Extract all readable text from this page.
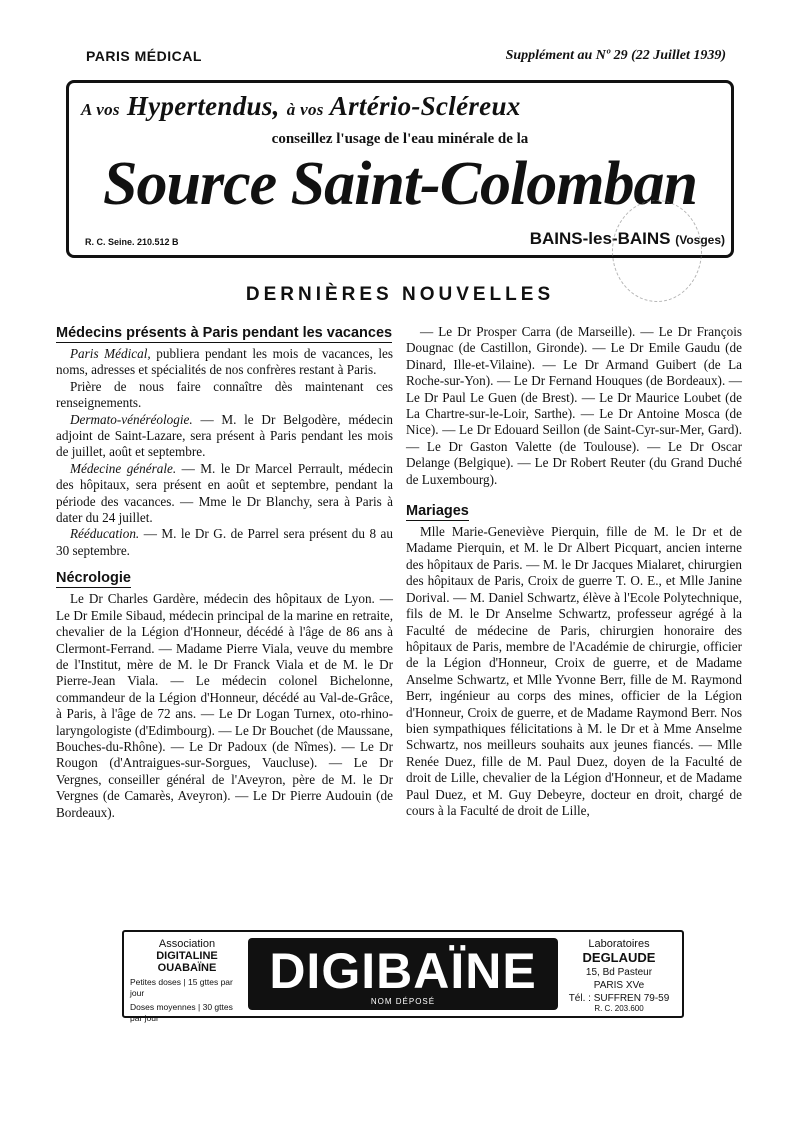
PARIS MÉDICAL	Supplément au Nº 29 (22 Juillet 1939)
A vos Hypertendus, à vos Artério-Scléreux
conseillez l'usage de l'eau minérale de la
Source Saint-Colomban
R. C. Seine. 210.512 B	BAINS-les-BAINS (Vosges)
DERNIÈRES NOUVELLES
Médecins présents à Paris pendant les vacances

Paris Médical, publiera pendant les mois de vacances, les noms, adresses et spécialités de nos confrères restant à Paris.

Prière de nous faire connaître dès maintenant ces renseignements.

Dermato-vénéréologie. — M. le Dr Belgodère, médecin adjoint de Saint-Lazare, sera présent à Paris pendant les mois de juillet, août et septembre.

Médecine générale. — M. le Dr Marcel Perrault, médecin des hôpitaux, sera présent en août et septembre, pendant la période des vacances. — Mme le Dr Blanchy, sera à Paris à dater du 24 juillet.

Rééducation. — M. le Dr G. de Parrel sera présent du 8 au 30 septembre.

Nécrologie

Le Dr Charles Gardère, médecin des hôpitaux de Lyon. — Le Dr Emile Sibaud, médecin principal de la marine en retraite, chevalier de la Légion d'Honneur, décédé à l'âge de 86 ans à Clermont-Ferrand. — Madame Pierre Viala, veuve du membre de l'Institut, mère de M. le Dr Franck Viala et de M. le Dr Pierre-Jean Viala. — Le médecin colonel Bichelonne, commandeur de la Légion d'Honneur, décédé au Val-de-Grâce, à Paris, à l'âge de 72 ans. — Le Dr Logan Turnex, oto-rhino-laryngologiste (d'Edimbourg). — Le Dr Bouchet (de Maussane, Bouches-du-Rhône). — Le Dr Padoux (de Nîmes). — Le Dr Rougon (d'Antraigues-sur-Sorgues, Vaucluse). — Le Dr Vergnes, conseiller général de l'Aveyron, père de M. le Dr Vergnes (de Camarès, Aveyron). — Le Dr Pierre Audouin (de Bordeaux).

— Le Dr Prosper Carra (de Marseille). — Le Dr François Dougnac (de Castillon, Gironde). — Le Dr Emile Gaudu (de Dinard, Ille-et-Vilaine). — Le Dr Armand Guibert (de La Roche-sur-Yon). — Le Dr Fernand Houques (de Bordeaux). — Le Dr Paul Le Guen (de Brest). — Le Dr Maurice Loubet (de La Chartre-sur-le-Loir, Sarthe). — Le Dr Antoine Mosca (de Nice). — Le Dr Edouard Seillon (de Saint-Cyr-sur-Mer, Gard). — Le Dr Gaston Valette (de Toulouse). — Le Dr Oscar Delange (Belgique). — Le Dr Robert Reuter (du Grand Duché de Luxembourg).

Mariages

Mlle Marie-Geneviève Pierquin, fille de M. le Dr et de Madame Pierquin, et M. le Dr Albert Picquart, ancien interne des hôpitaux de Paris. — M. le Dr Jacques Mialaret, chirurgien des hôpitaux de Paris, Croix de guerre T. O. E., et Mlle Janine Dorival. — M. Daniel Schwartz, élève à l'Ecole Polytechnique, fils de M. le Dr Anselme Schwartz, professeur agrégé à la Faculté de médecine de Paris, chirurgien honoraire des hôpitaux de Paris, membre de l'Académie de chirurgie, officier de la Légion d'Honneur, Croix de guerre, et de Madame Anselme Schwartz, et Mlle Yvonne Berr, fille de M. Raymond Berr, ingénieur au corps des mines, officier de la Légion d'Honneur, Croix de guerre, et de Madame Raymond Berr. Nos bien sympathiques félicitations à M. le Dr et à Mme Anselme Schwartz, nos meilleurs souhaits aux jeunes fiancés. — Mlle Renée Duez, fille de M. Paul Duez, doyen de la Faculté de droit de Lille, chevalier de la Légion d'Honneur, et de Madame Paul Duez, et M. Guy Debeyre, docteur en droit, chargé de cours à la Faculté de droit de Lille,

Association
DIGITALINE
OUABAÏNE
Petites doses | 15 gttes par jour
Doses moyennes | 30 gttes par jour
DIGIBAÏNE
NOM DÉPOSÉ
Laboratoires
DEGLAUDE
15, Bd Pasteur
PARIS XVe
Tél. : SUFFREN 79-59
R. C. 203.600
